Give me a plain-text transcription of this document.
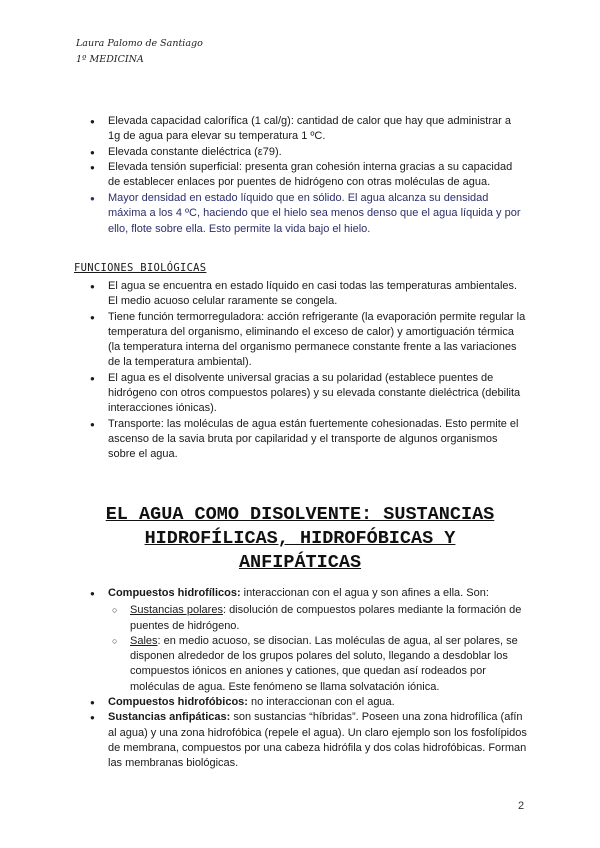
Laura Palomo de Santiago
1º MEDICINA
● Elevada capacidad calorífica (1 cal/g): cantidad de calor que hay que administrar a 1g de agua para elevar su temperatura 1 ºC.
● Elevada constante dieléctrica (ε79).
● Elevada tensión superficial: presenta gran cohesión interna gracias a su capacidad de establecer enlaces por puentes de hidrógeno con otras moléculas de agua.
● Mayor densidad en estado líquido que en sólido. El agua alcanza su densidad máxima a los 4 ºC, haciendo que el hielo sea menos denso que el agua líquida y por ello, flote sobre ella. Esto permite la vida bajo el hielo.
FUNCIONES BIOLÓGICAS
● El agua se encuentra en estado líquido en casi todas las temperaturas ambientales. El medio acuoso celular raramente se congela.
● Tiene función termorreguladora: acción refrigerante (la evaporación permite regular la temperatura del organismo, eliminando el exceso de calor) y amortiguación térmica (la temperatura interna del organismo permanece constante frente a las variaciones de la temperatura ambiental).
● El agua es el disolvente universal gracias a su polaridad (establece puentes de hidrógeno con otros compuestos polares) y su elevada constante dieléctrica (debilita interacciones iónicas).
● Transporte: las moléculas de agua están fuertemente cohesionadas. Esto permite el ascenso de la savia bruta por capilaridad y el transporte de algunos organismos sobre el agua.
EL AGUA COMO DISOLVENTE: SUSTANCIAS
HIDROFÍLICAS, HIDROFÓBICAS Y
ANFIPÁTICAS
● Compuestos hidrofílicos: interaccionan con el agua y son afines a ella. Son:
○ Sustancias polares: disolución de compuestos polares mediante la formación de puentes de hidrógeno.
○ Sales: en medio acuoso, se disocian. Las moléculas de agua, al ser polares, se disponen alrededor de los grupos polares del soluto, llegando a desdoblar los compuestos iónicos en aniones y cationes, que quedan así rodeados por moléculas de agua. Este fenómeno se llama solvatación iónica.
● Compuestos hidrofóbicos: no interaccionan con el agua.
● Sustancias anfipáticas: son sustancias “híbridas”. Poseen una zona hidrofílica (afín al agua) y una zona hidrofóbica (repele el agua). Un claro ejemplo son los fosfolípidos de membrana, compuestos por una cabeza hidrófila y dos colas hidrofóbicas. Forman las membranas biológicas.
2
